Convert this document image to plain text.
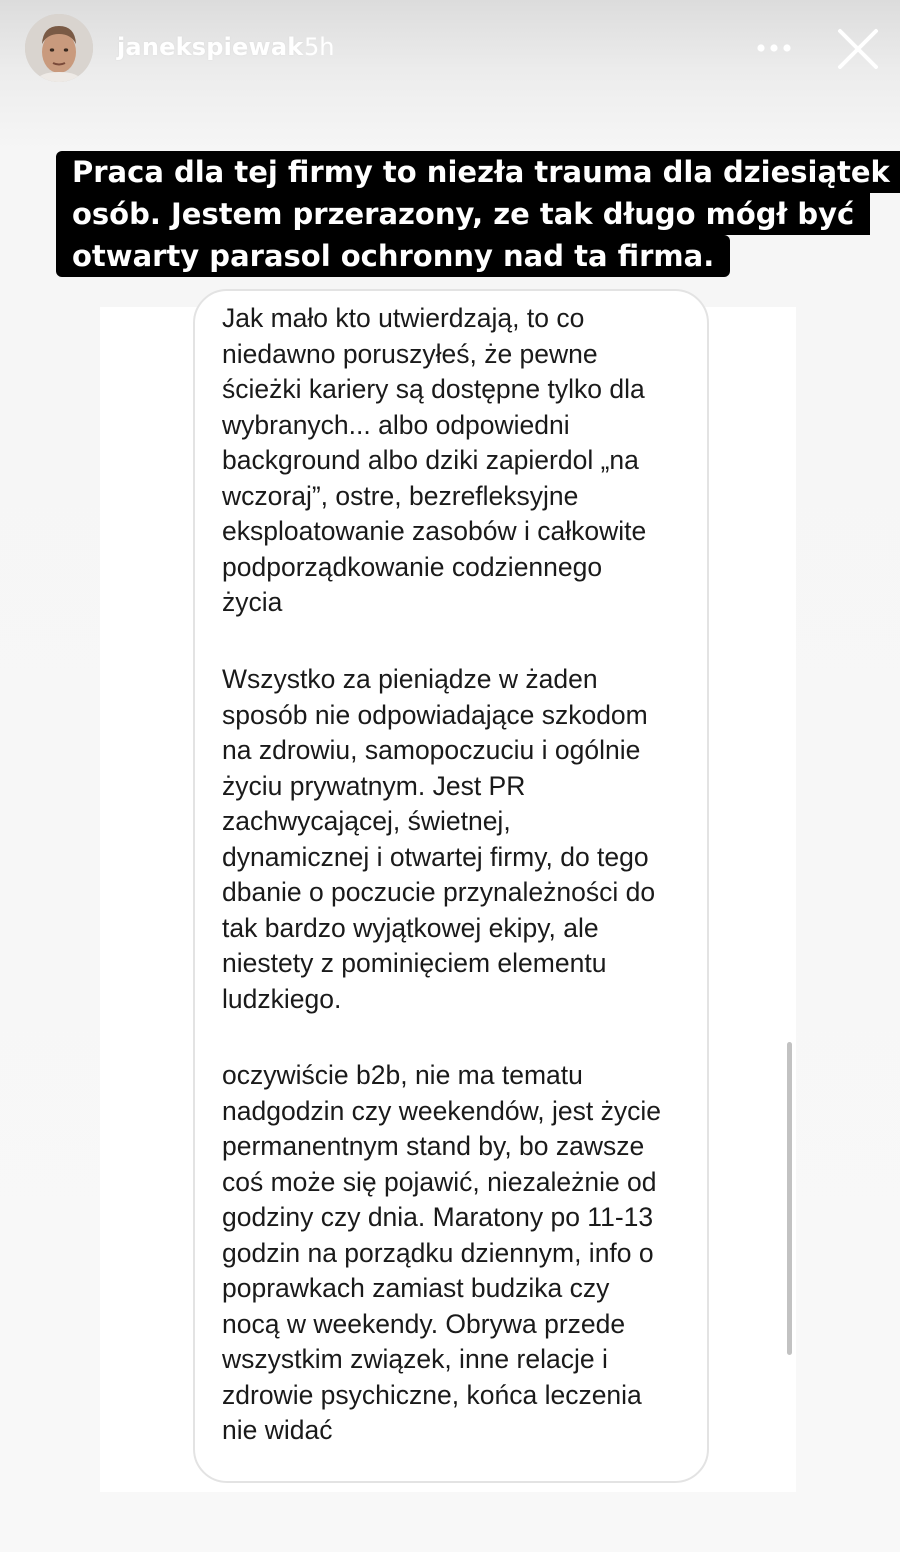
janekspiewak 5h
Praca dla tej firmy to niezła trauma dla dziesiątek
osób. Jestem przerazony, ze tak długo mógł być
otwarty parasol ochronny nad ta firma.
Jak mało kto utwierdzają, to co
niedawno poruszyłeś, że pewne
ścieżki kariery są dostępne tylko dla
wybranych... albo odpowiedni
background albo dziki zapierdol „na
wczoraj”, ostre, bezrefleksyjne
eksploatowanie zasobów i całkowite
podporządkowanie codziennego
życia
Wszystko za pieniądze w żaden
sposób nie odpowiadające szkodom
na zdrowiu, samopoczuciu i ogólnie
życiu prywatnym. Jest PR
zachwycającej, świetnej,
dynamicznej i otwartej firmy, do tego
dbanie o poczucie przynależności do
tak bardzo wyjątkowej ekipy, ale
niestety z pominięciem elementu
ludzkiego.
oczywiście b2b, nie ma tematu
nadgodzin czy weekendów, jest życie
permanentnym stand by, bo zawsze
coś może się pojawić, niezależnie od
godziny czy dnia. Maratony po 11-13
godzin na porządku dziennym, info o
poprawkach zamiast budzika czy
nocą w weekendy. Obrywa przede
wszystkim związek, inne relacje i
zdrowie psychiczne, końca leczenia
nie widać
